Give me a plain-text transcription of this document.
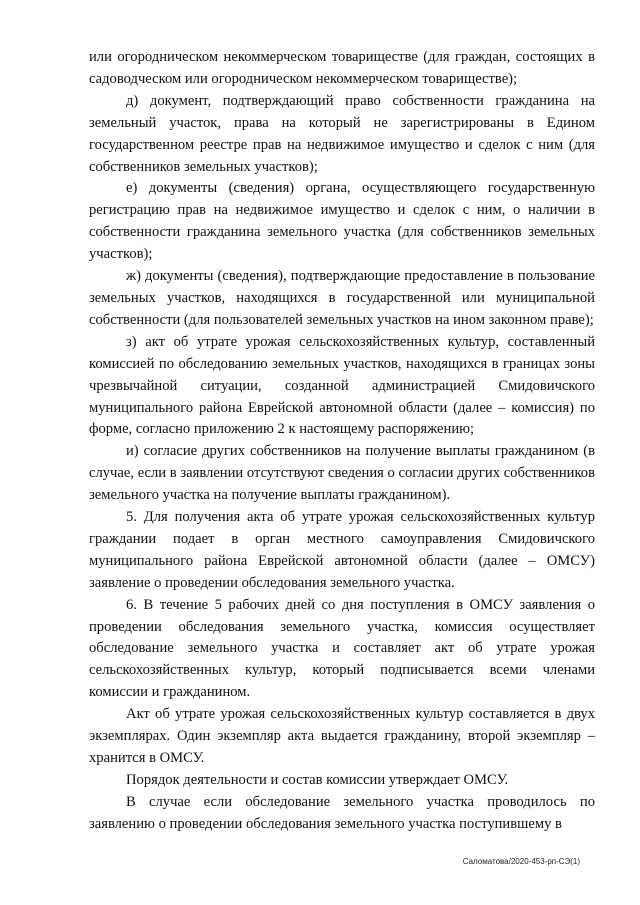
или огородническом некоммерческом товариществе (для граждан, состоящих в садоводческом или огородническом некоммерческом товариществе);

д) документ, подтверждающий право собственности гражданина на земельный участок, права на который не зарегистрированы в Едином государственном реестре прав на недвижимое имущество и сделок с ним (для собственников земельных участков);

е) документы (сведения) органа, осуществляющего государственную регистрацию прав на недвижимое имущество и сделок с ним, о наличии в собственности гражданина земельного участка (для собственников земельных участков);

ж) документы (сведения), подтверждающие предоставление в пользование земельных участков, находящихся в государственной или муниципальной собственности (для пользователей земельных участков на ином законном праве);

з) акт об утрате урожая сельскохозяйственных культур, составленный комиссией по обследованию земельных участков, находящихся в границах зоны чрезвычайной ситуации, созданной администрацией Смидовичского муниципального района Еврейской автономной области (далее – комиссия) по форме, согласно приложению 2 к настоящему распоряжению;

и) согласие других собственников на получение выплаты гражданином (в случае, если в заявлении отсутствуют сведения о согласии других собственников земельного участка на получение выплаты гражданином).

5. Для получения акта об утрате урожая сельскохозяйственных культур граждании подает в орган местного самоуправления Смидовичского муниципального района Еврейской автономной области (далее – ОМСУ) заявление о проведении обследования земельного участка.

6. В течение 5 рабочих дней со дня поступления в ОМСУ заявления о проведении обследования земельного участка, комиссия осуществляет обследование земельного участка и составляет акт об утрате урожая сельскохозяйственных культур, который подписывается всеми членами комиссии и гражданином.

Акт об утрате урожая сельскохозяйственных культур составляется в двух экземплярах. Один экземпляр акта выдается гражданину, второй экземпляр – хранится в ОМСУ.

Порядок деятельности и состав комиссии утверждает ОМСУ.

В случае если обследование земельного участка проводилось по заявлению о проведении обследования земельного участка поступившему в

Саломатова/2020-453-рп-СЭ(1)
